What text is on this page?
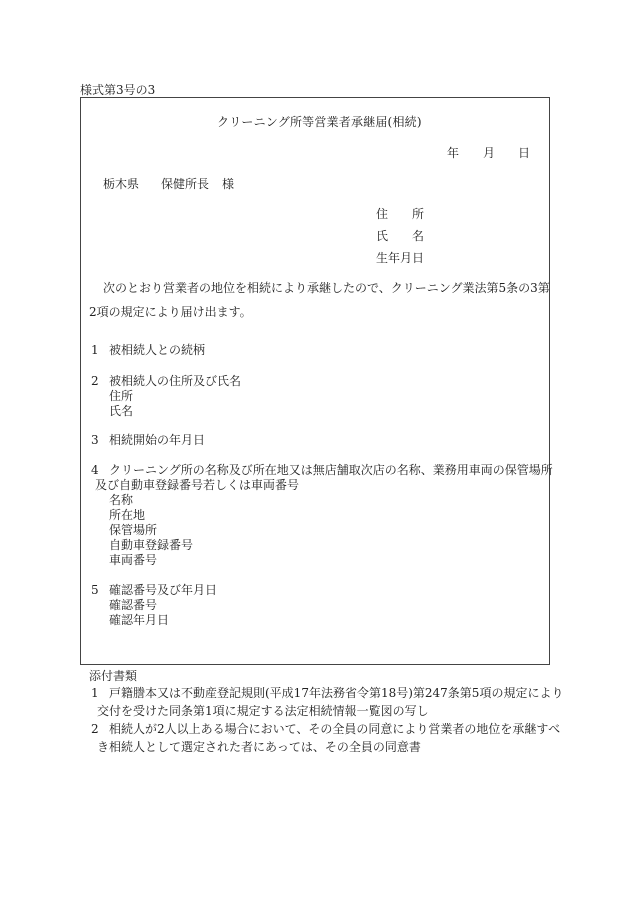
様式第3号の3
クリーニング所等営業者承継届(相続)
年 月 日
栃木県 保健所長 様
住　　所
氏　　名
生年月日
次のとおり営業者の地位を相続により承継したので、クリーニング業法第5条の3第
2項の規定により届け出ます。
1 被相続人との続柄
2 被相続人の住所及び氏名
住所
氏名
3 相続開始の年月日
4 クリーニング所の名称及び所在地又は無店舗取次店の名称、業務用車両の保管場所
及び自動車登録番号若しくは車両番号
名称
所在地
保管場所
自動車登録番号
車両番号
5 確認番号及び年月日
確認番号
確認年月日
添付書類
1 戸籍謄本又は不動産登記規則(平成17年法務省令第18号)第247条第5項の規定により
交付を受けた同条第1項に規定する法定相続情報一覧図の写し
2 相続人が2人以上ある場合において、その全員の同意により営業者の地位を承継すべ
き相続人として選定された者にあっては、その全員の同意書
